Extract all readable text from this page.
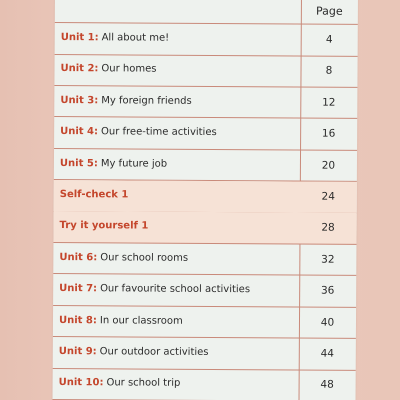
Page
Unit 1: All about me!	4
Unit 2: Our homes	8
Unit 3: My foreign friends	12
Unit 4: Our free-time activities	16
Unit 5: My future job	20
Self-check 1	24
Try it yourself 1	28
Unit 6: Our school rooms	32
Unit 7: Our favourite school activities	36
Unit 8: In our classroom	40
Unit 9: Our outdoor activities	44
Unit 10: Our school trip	48
